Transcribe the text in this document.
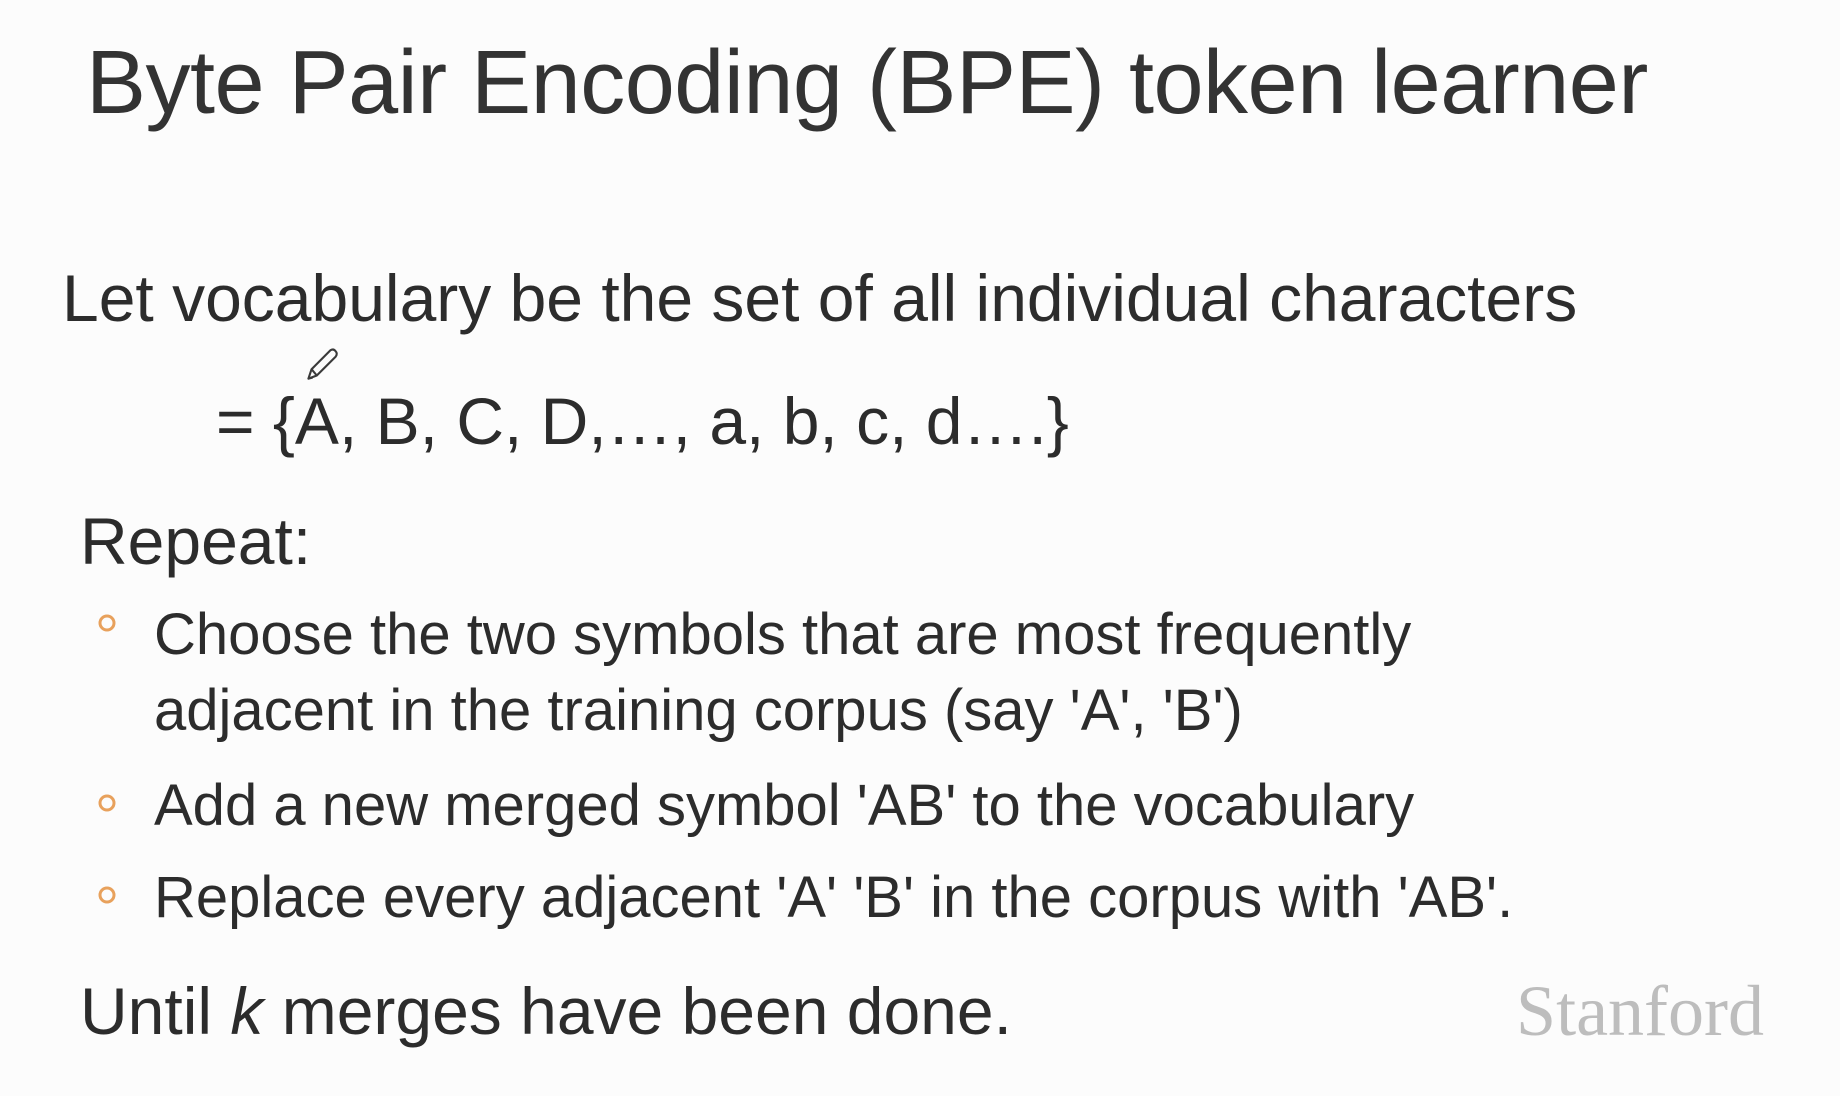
Byte Pair Encoding (BPE) token learner
Let vocabulary be the set of all individual characters
= {A, B, C, D,…, a, b, c, d….}
Repeat:
Choose the two symbols that are most frequently
adjacent in the training corpus (say 'A', 'B')
Add a new merged symbol 'AB' to the vocabulary
Replace every adjacent 'A' 'B' in the corpus with 'AB'.
Until k merges have been done.	Stanford
